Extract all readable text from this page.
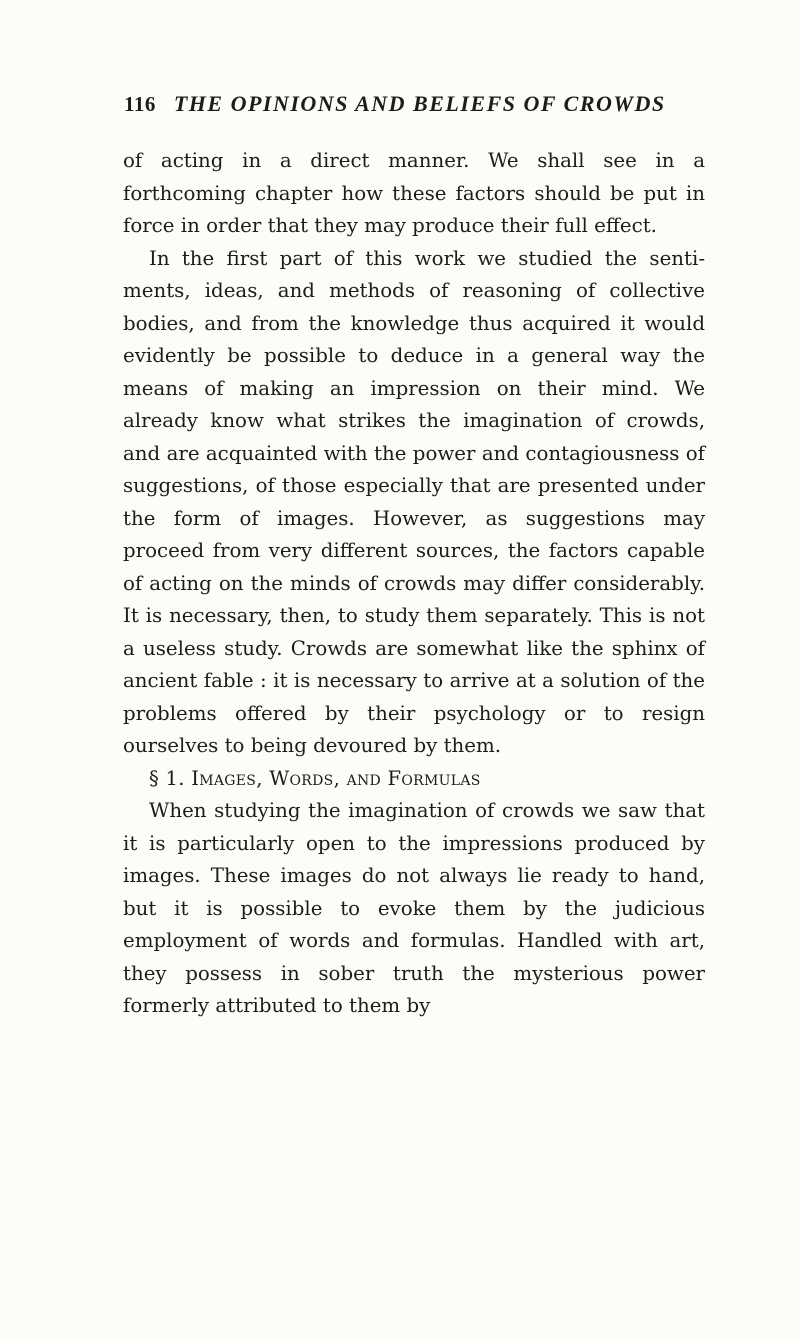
116 THE OPINIONS AND BELIEFS OF CROWDS

of acting in a direct manner. We shall see in a forthcoming chapter how these factors should be put in force in order that they may produce their full effect.

In the first part of this work we studied the sentiments, ideas, and methods of reasoning of collective bodies, and from the knowledge thus acquired it would evidently be possible to deduce in a general way the means of making an impression on their mind. We already know what strikes the imagination of crowds, and are acquainted with the power and contagiousness of suggestions, of those especially that are presented under the form of images. However, as suggestions may proceed from very different sources, the factors capable of acting on the minds of crowds may differ considerably. It is necessary, then, to study them separately. This is not a useless study. Crowds are somewhat like the sphinx of ancient fable : it is necessary to arrive at a solution of the problems offered by their psychology or to resign ourselves to being devoured by them.

§ 1. Images, Words, and Formulas

When studying the imagination of crowds we saw that it is particularly open to the impressions produced by images. These images do not always lie ready to hand, but it is possible to evoke them by the judicious employment of words and formulas. Handled with art, they possess in sober truth the mysterious power formerly attributed to them by
